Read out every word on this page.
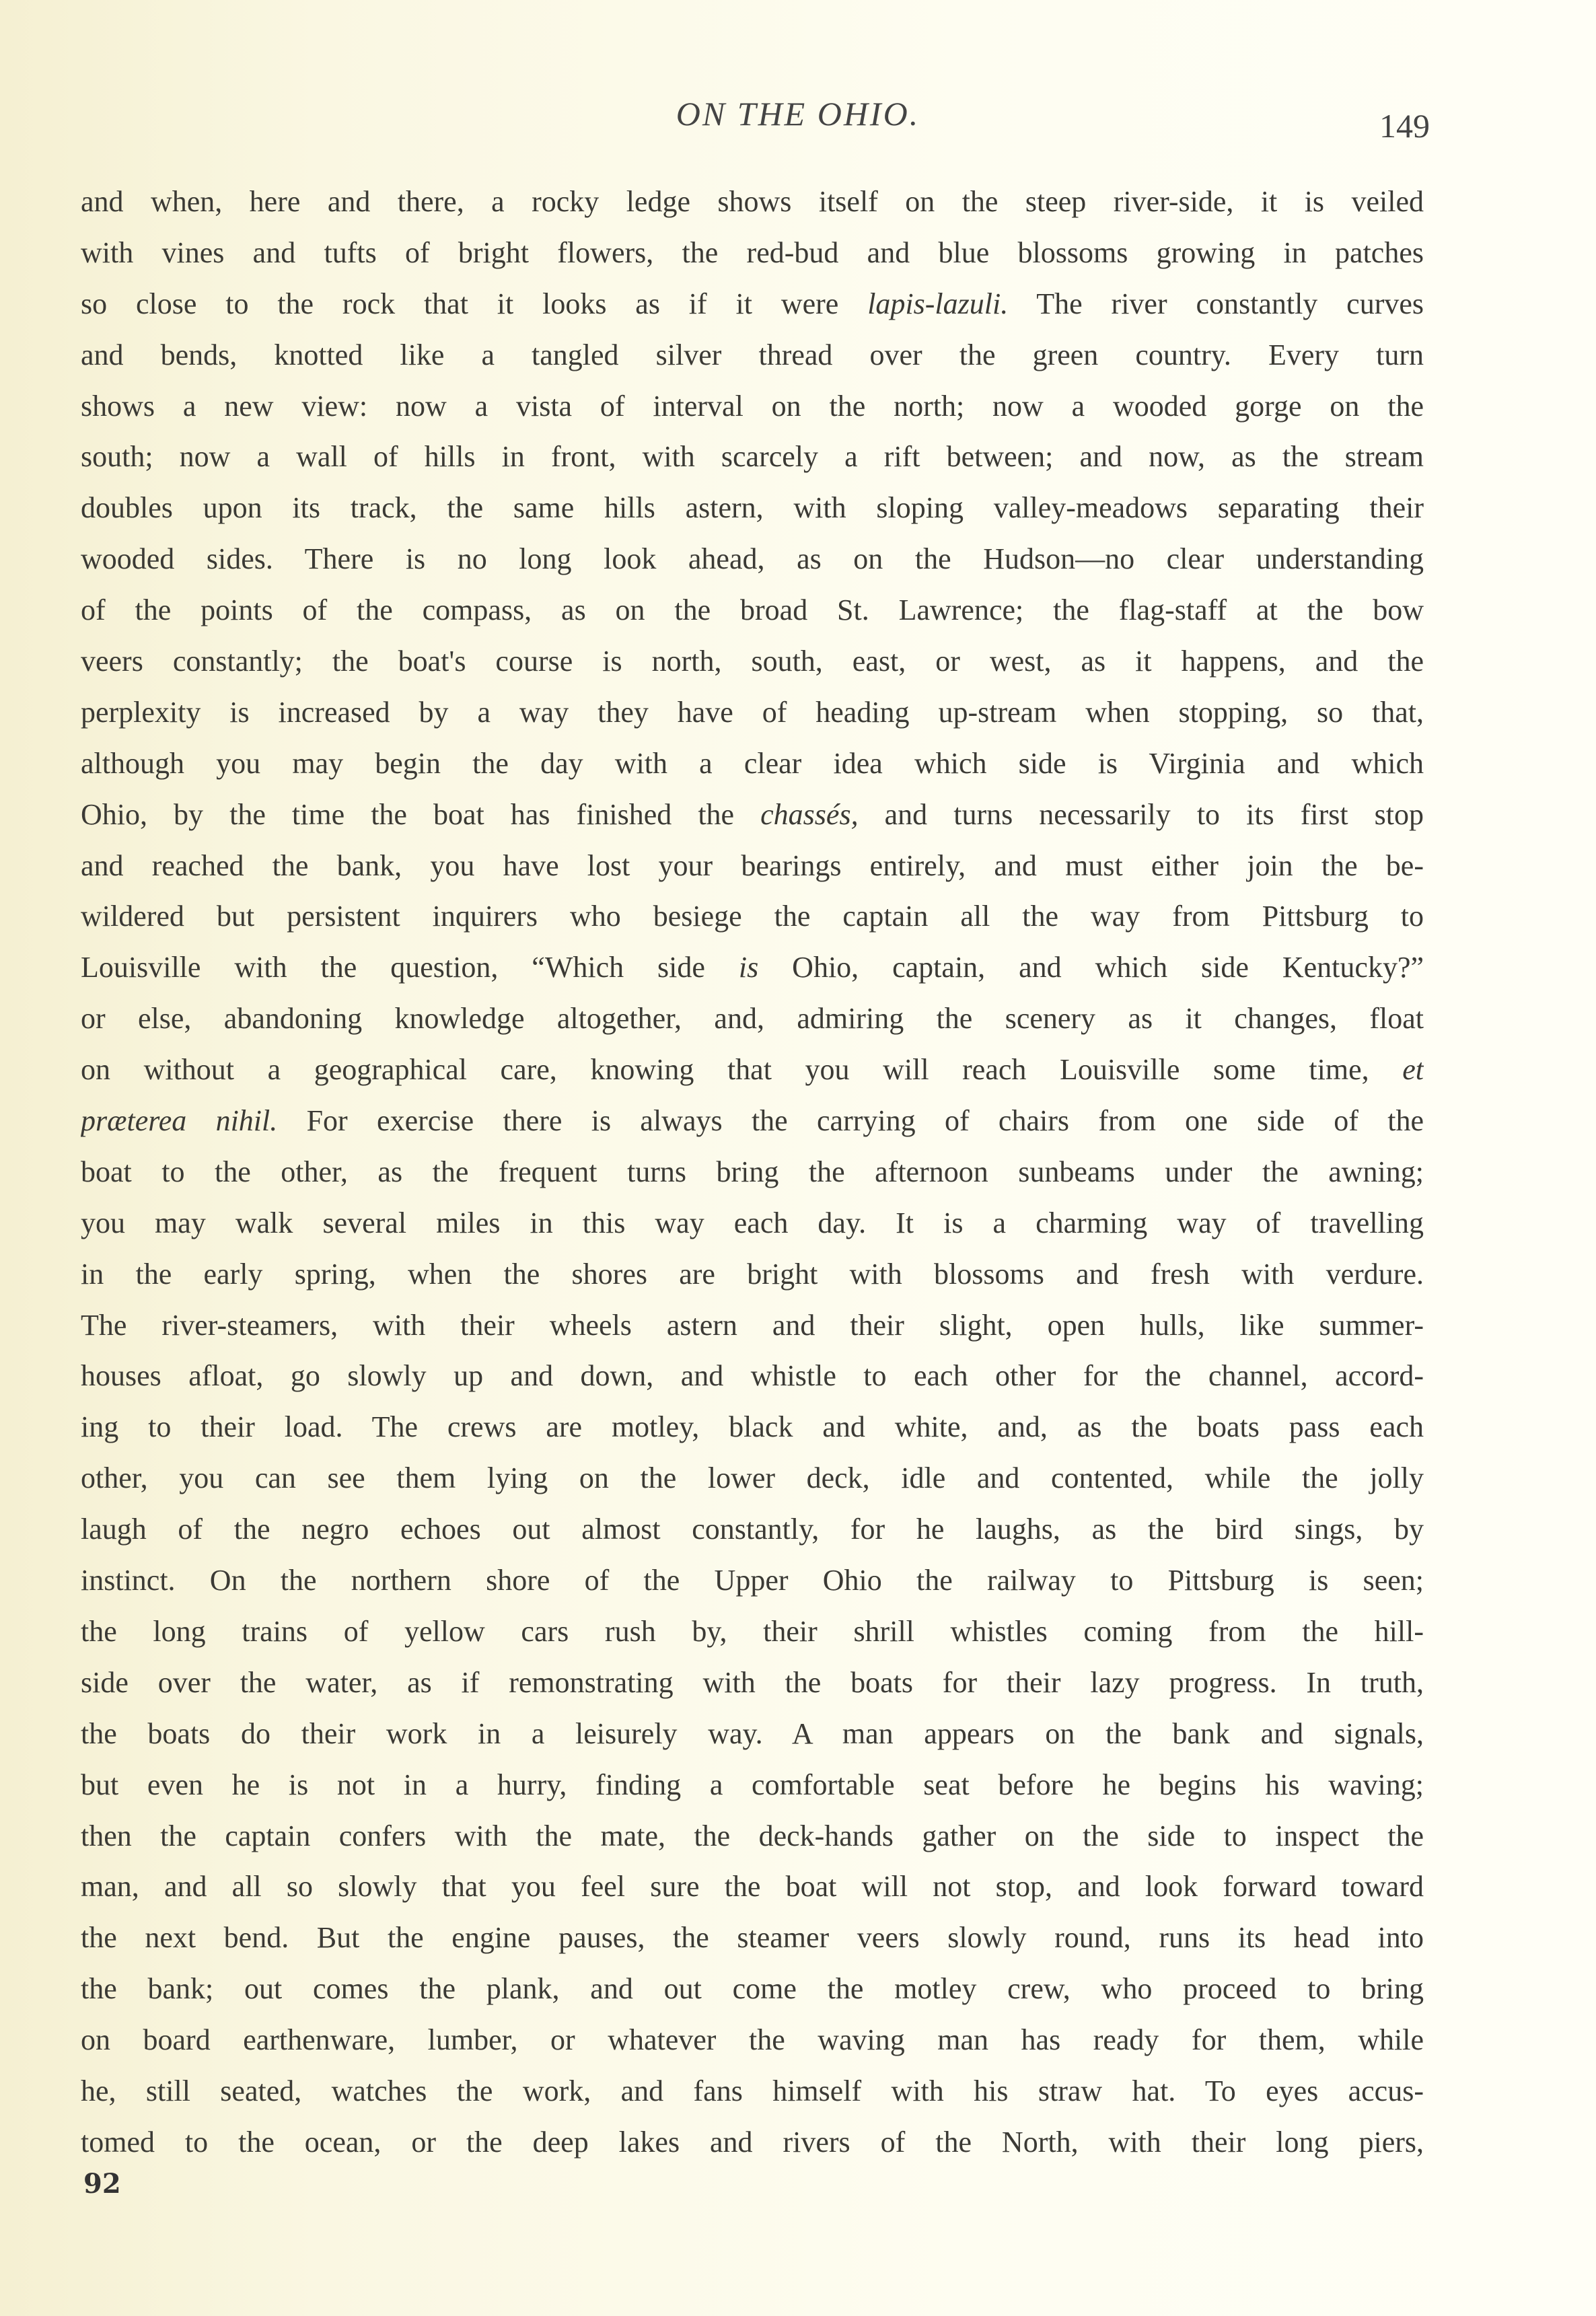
ON THE OHIO.	149
and when, here and there, a rocky ledge shows itself on the steep river-side, it is veiled
with vines and tufts of bright flowers, the red-bud and blue blossoms growing in patches
so close to the rock that it looks as if it were lapis-lazuli. The river constantly curves
and bends, knotted like a tangled silver thread over the green country. Every turn
shows a new view: now a vista of interval on the north; now a wooded gorge on the
south; now a wall of hills in front, with scarcely a rift between; and now, as the stream
doubles upon its track, the same hills astern, with sloping valley-meadows separating their
wooded sides. There is no long look ahead, as on the Hudson—no clear understanding
of the points of the compass, as on the broad St. Lawrence; the flag-staff at the bow
veers constantly; the boat's course is north, south, east, or west, as it happens, and the
perplexity is increased by a way they have of heading up-stream when stopping, so that,
although you may begin the day with a clear idea which side is Virginia and which
Ohio, by the time the boat has finished the chassés, and turns necessarily to its first stop
and reached the bank, you have lost your bearings entirely, and must either join the be-
wildered but persistent inquirers who besiege the captain all the way from Pittsburg to
Louisville with the question, “Which side is Ohio, captain, and which side Kentucky?”
or else, abandoning knowledge altogether, and, admiring the scenery as it changes, float
on without a geographical care, knowing that you will reach Louisville some time, et
præterea nihil. For exercise there is always the carrying of chairs from one side of the
boat to the other, as the frequent turns bring the afternoon sunbeams under the awning;
you may walk several miles in this way each day. It is a charming way of travelling
in the early spring, when the shores are bright with blossoms and fresh with verdure.
The river-steamers, with their wheels astern and their slight, open hulls, like summer-
houses afloat, go slowly up and down, and whistle to each other for the channel, accord-
ing to their load. The crews are motley, black and white, and, as the boats pass each
other, you can see them lying on the lower deck, idle and contented, while the jolly
laugh of the negro echoes out almost constantly, for he laughs, as the bird sings, by
instinct. On the northern shore of the Upper Ohio the railway to Pittsburg is seen;
the long trains of yellow cars rush by, their shrill whistles coming from the hill-
side over the water, as if remonstrating with the boats for their lazy progress. In truth,
the boats do their work in a leisurely way. A man appears on the bank and signals,
but even he is not in a hurry, finding a comfortable seat before he begins his waving;
then the captain confers with the mate, the deck-hands gather on the side to inspect the
man, and all so slowly that you feel sure the boat will not stop, and look forward toward
the next bend. But the engine pauses, the steamer veers slowly round, runs its head into
the bank; out comes the plank, and out come the motley crew, who proceed to bring
on board earthenware, lumber, or whatever the waving man has ready for them, while
he, still seated, watches the work, and fans himself with his straw hat. To eyes accus-
tomed to the ocean, or the deep lakes and rivers of the North, with their long piers,
92
